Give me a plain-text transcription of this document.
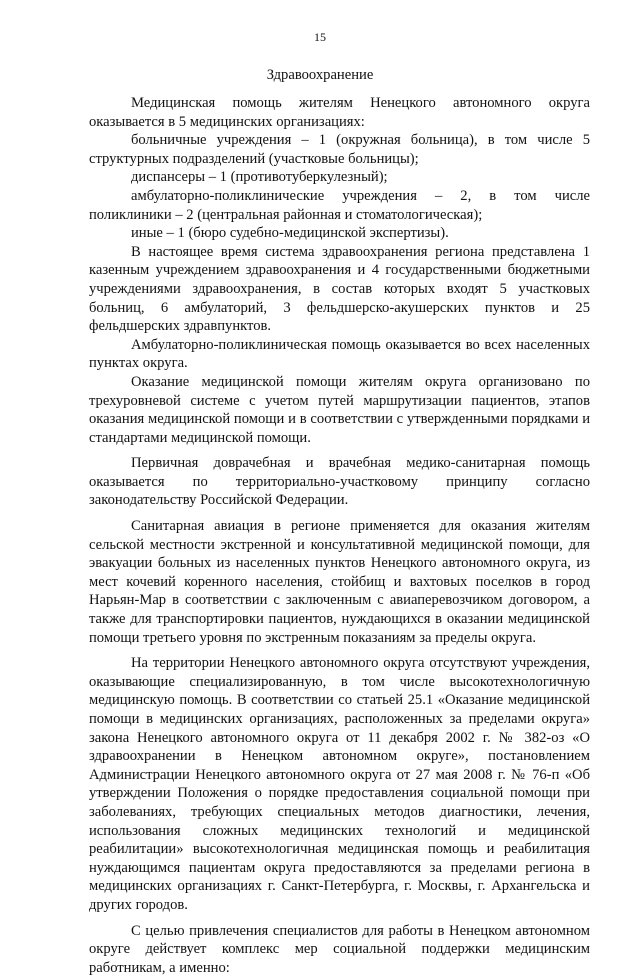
15
Здравоохранение

Медицинская помощь жителям Ненецкого автономного округа оказывается в 5 медицинских организациях:

больничные учреждения – 1 (окружная больница), в том числе 5 структурных подразделений (участковые больницы);

диспансеры – 1 (противотуберкулезный);

амбулаторно-поликлинические учреждения – 2, в том числе поликлиники – 2 (центральная районная и стоматологическая);

иные – 1 (бюро судебно-медицинской экспертизы).

В настоящее время система здравоохранения региона представлена 1 казенным учреждением здравоохранения и 4 государственными бюджетными учреждениями здравоохранения, в состав которых входят 5 участковых больниц, 6 амбулаторий, 3 фельдшерско-акушерских пунктов и 25 фельдшерских здравпунктов.

Амбулаторно-поликлиническая помощь оказывается во всех населенных пунктах округа.

Оказание медицинской помощи жителям округа организовано по трехуровневой системе с учетом путей маршрутизации пациентов, этапов оказания медицинской помощи и в соответствии с утвержденными порядками и стандартами медицинской помощи.

Первичная доврачебная и врачебная медико-санитарная помощь оказывается по территориально-участковому принципу согласно законодательству Российской Федерации.

Санитарная авиация в регионе применяется для оказания жителям сельской местности экстренной и консультативной медицинской помощи, для эвакуации больных из населенных пунктов Ненецкого автономного округа, из мест кочевий коренного населения, стойбищ и вахтовых поселков в город Нарьян-Мар в соответствии с заключенным с авиаперевозчиком договором, а также для транспортировки пациентов, нуждающихся в оказании медицинской помощи третьего уровня по экстренным показаниям за пределы округа.

На территории Ненецкого автономного округа отсутствуют учреждения, оказывающие специализированную, в том числе высокотехнологичную медицинскую помощь. В соответствии со статьей 25.1 «Оказание медицинской помощи в медицинских организациях, расположенных за пределами округа» закона Ненецкого автономного округа от 11 декабря 2002 г. № 382-оз «О здравоохранении в Ненецком автономном округе», постановлением Администрации Ненецкого автономного округа от 27 мая 2008 г. № 76-п «Об утверждении Положения о порядке предоставления социальной помощи при заболеваниях, требующих специальных методов диагностики, лечения, использования сложных медицинских технологий и медицинской реабилитации» высокотехнологичная медицинская помощь и реабилитация нуждающимся пациентам округа предоставляются за пределами региона в медицинских организациях г. Санкт-Петербурга, г. Москвы, г. Архангельска и других городов.

С целью привлечения специалистов для работы в Ненецком автономном округе действует комплекс мер социальной поддержки медицинским работникам, а именно:
